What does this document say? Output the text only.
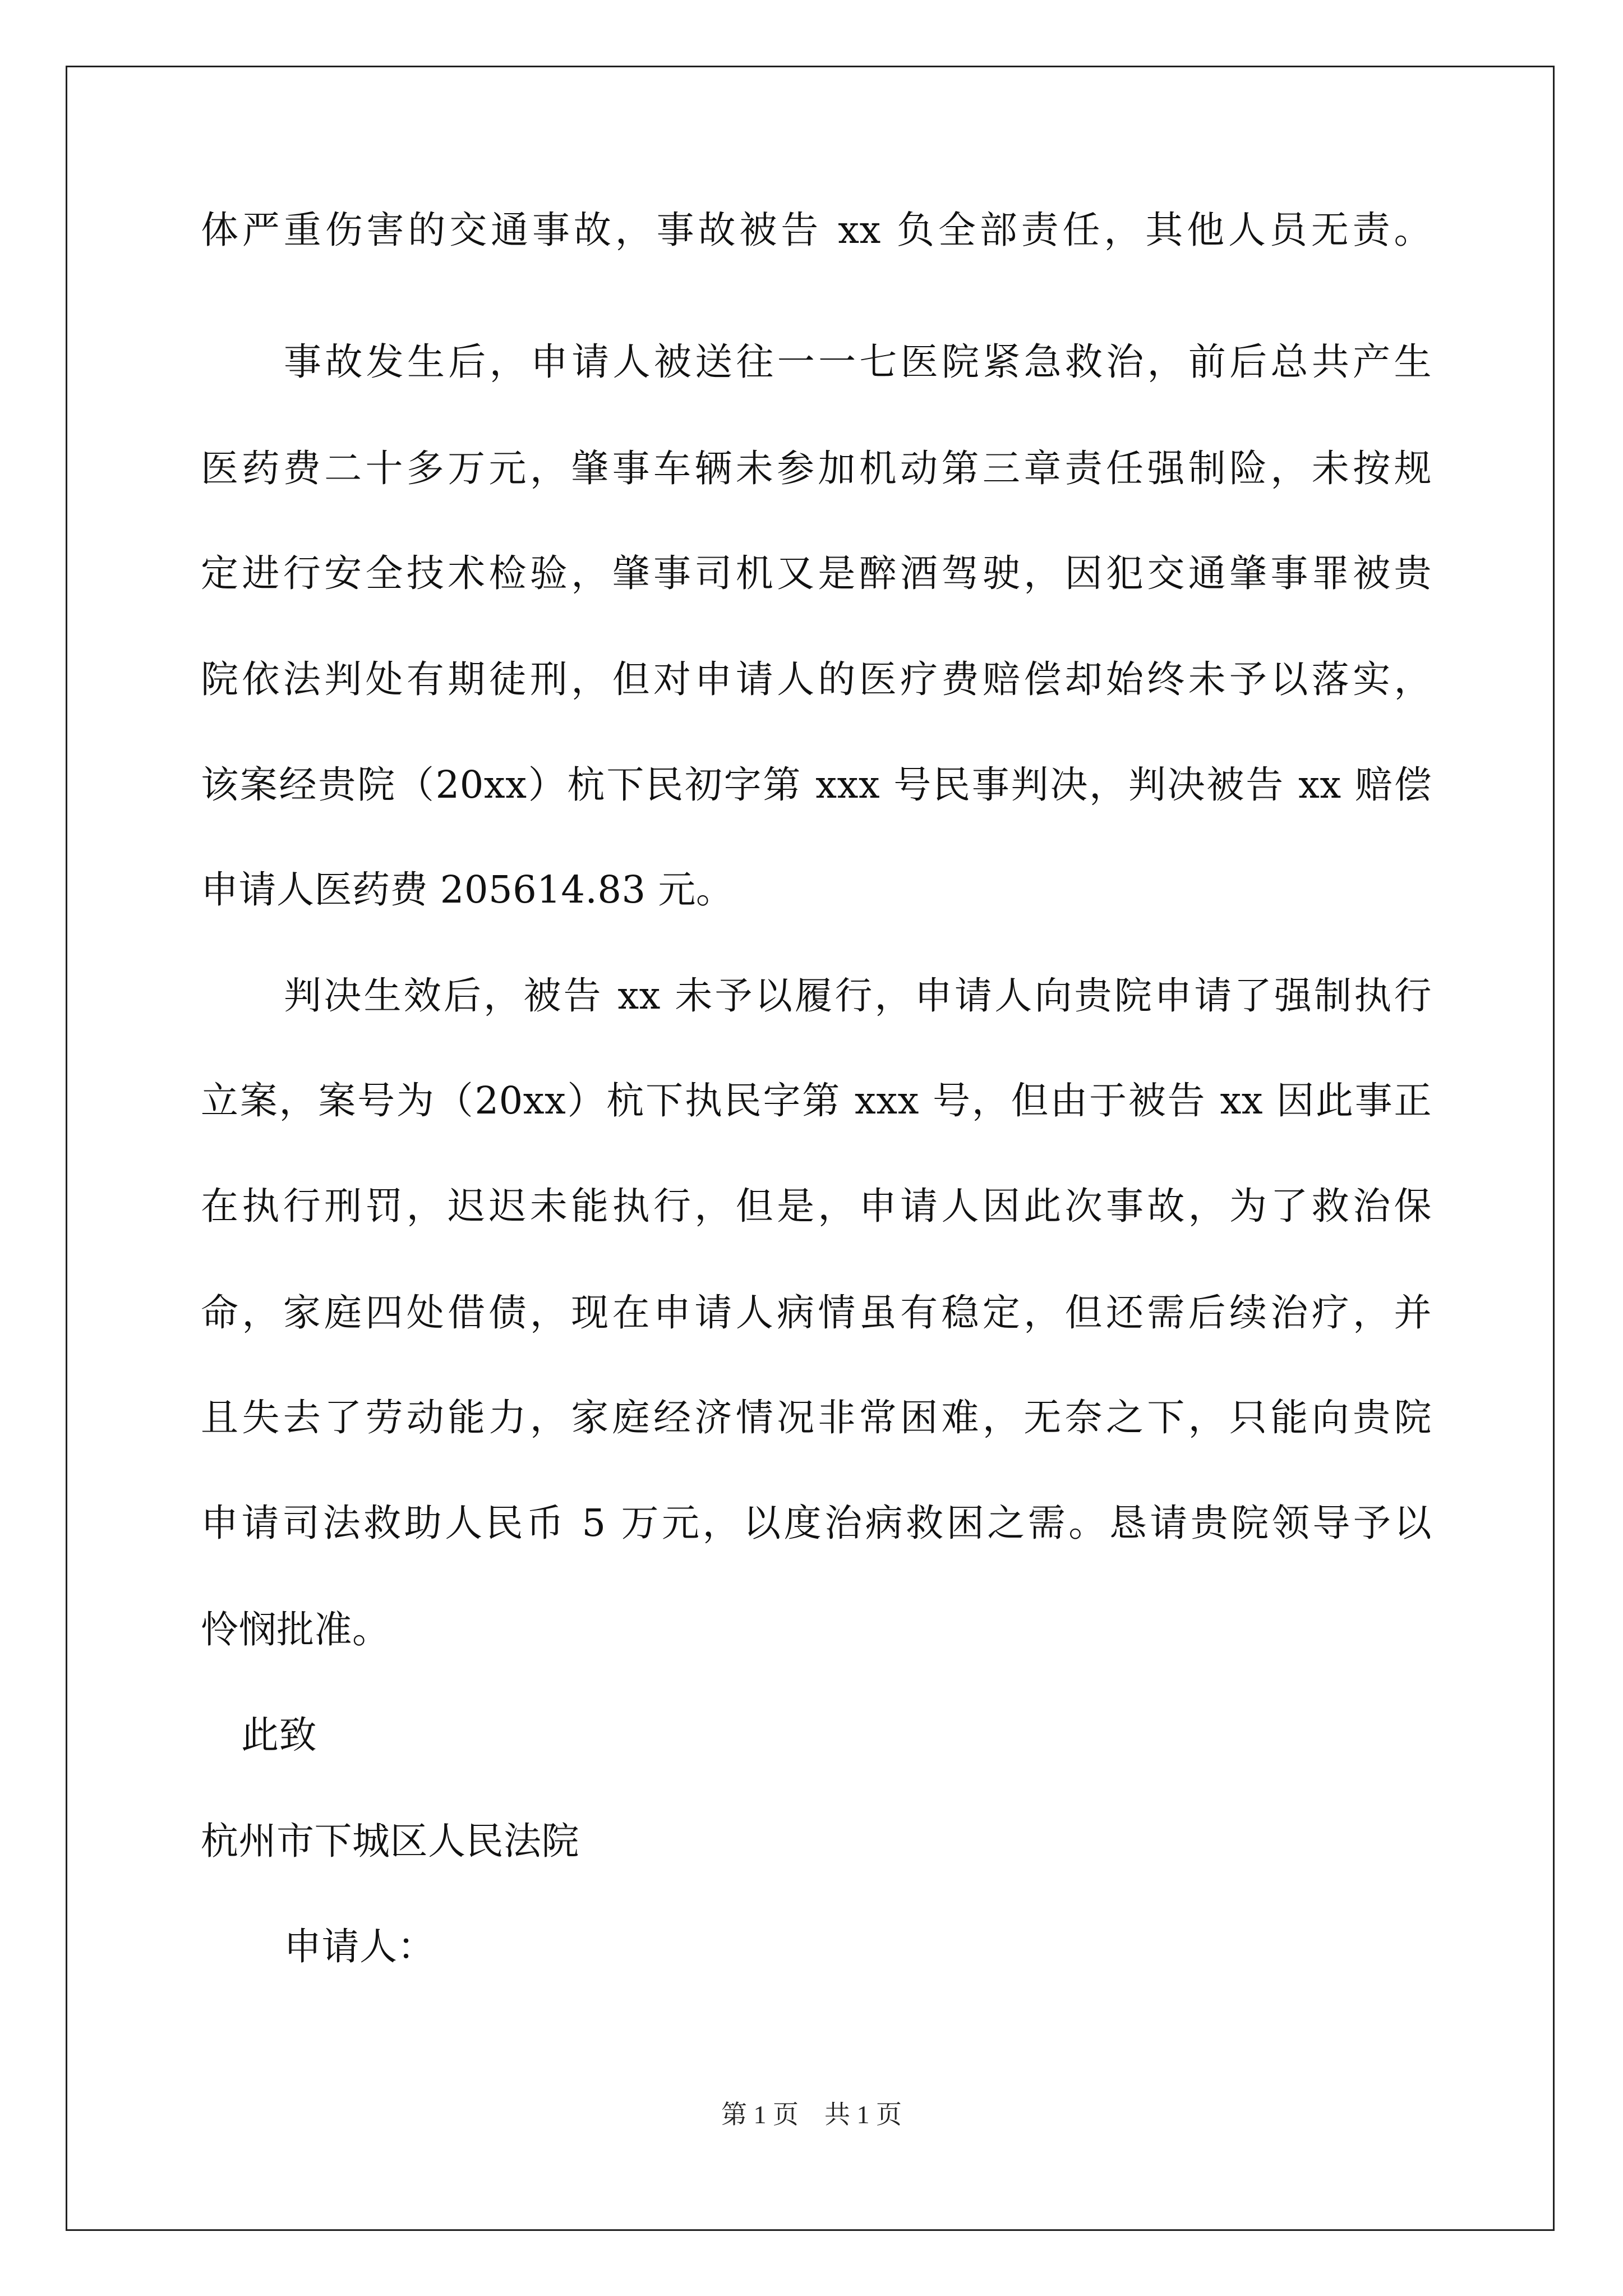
体严重伤害的交通事故，事故被告 xx 负全部责任，其他人员无责。
事故发生后，申请人被送往一一七医院紧急救治，前后总共产生
医药费二十多万元，肇事车辆未参加机动第三章责任强制险，未按规
定进行安全技术检验，肇事司机又是醉酒驾驶，因犯交通肇事罪被贵
院依法判处有期徒刑，但对申请人的医疗费赔偿却始终未予以落实，
该案经贵院（20xx）杭下民初字第 xxx 号民事判决，判决被告 xx 赔偿
申请人医药费 205614.83 元。
判决生效后，被告 xx 未予以履行，申请人向贵院申请了强制执行
立案，案号为（20xx）杭下执民字第 xxx 号，但由于被告 xx 因此事正
在执行刑罚，迟迟未能执行，但是，申请人因此次事故，为了救治保
命，家庭四处借债，现在申请人病情虽有稳定，但还需后续治疗，并
且失去了劳动能力，家庭经济情况非常困难，无奈之下，只能向贵院
申请司法救助人民币 5 万元，以度治病救困之需。恳请贵院领导予以
怜悯批准。
此致
杭州市下城区人民法院
申请人：
第 1 页 共 1 页
